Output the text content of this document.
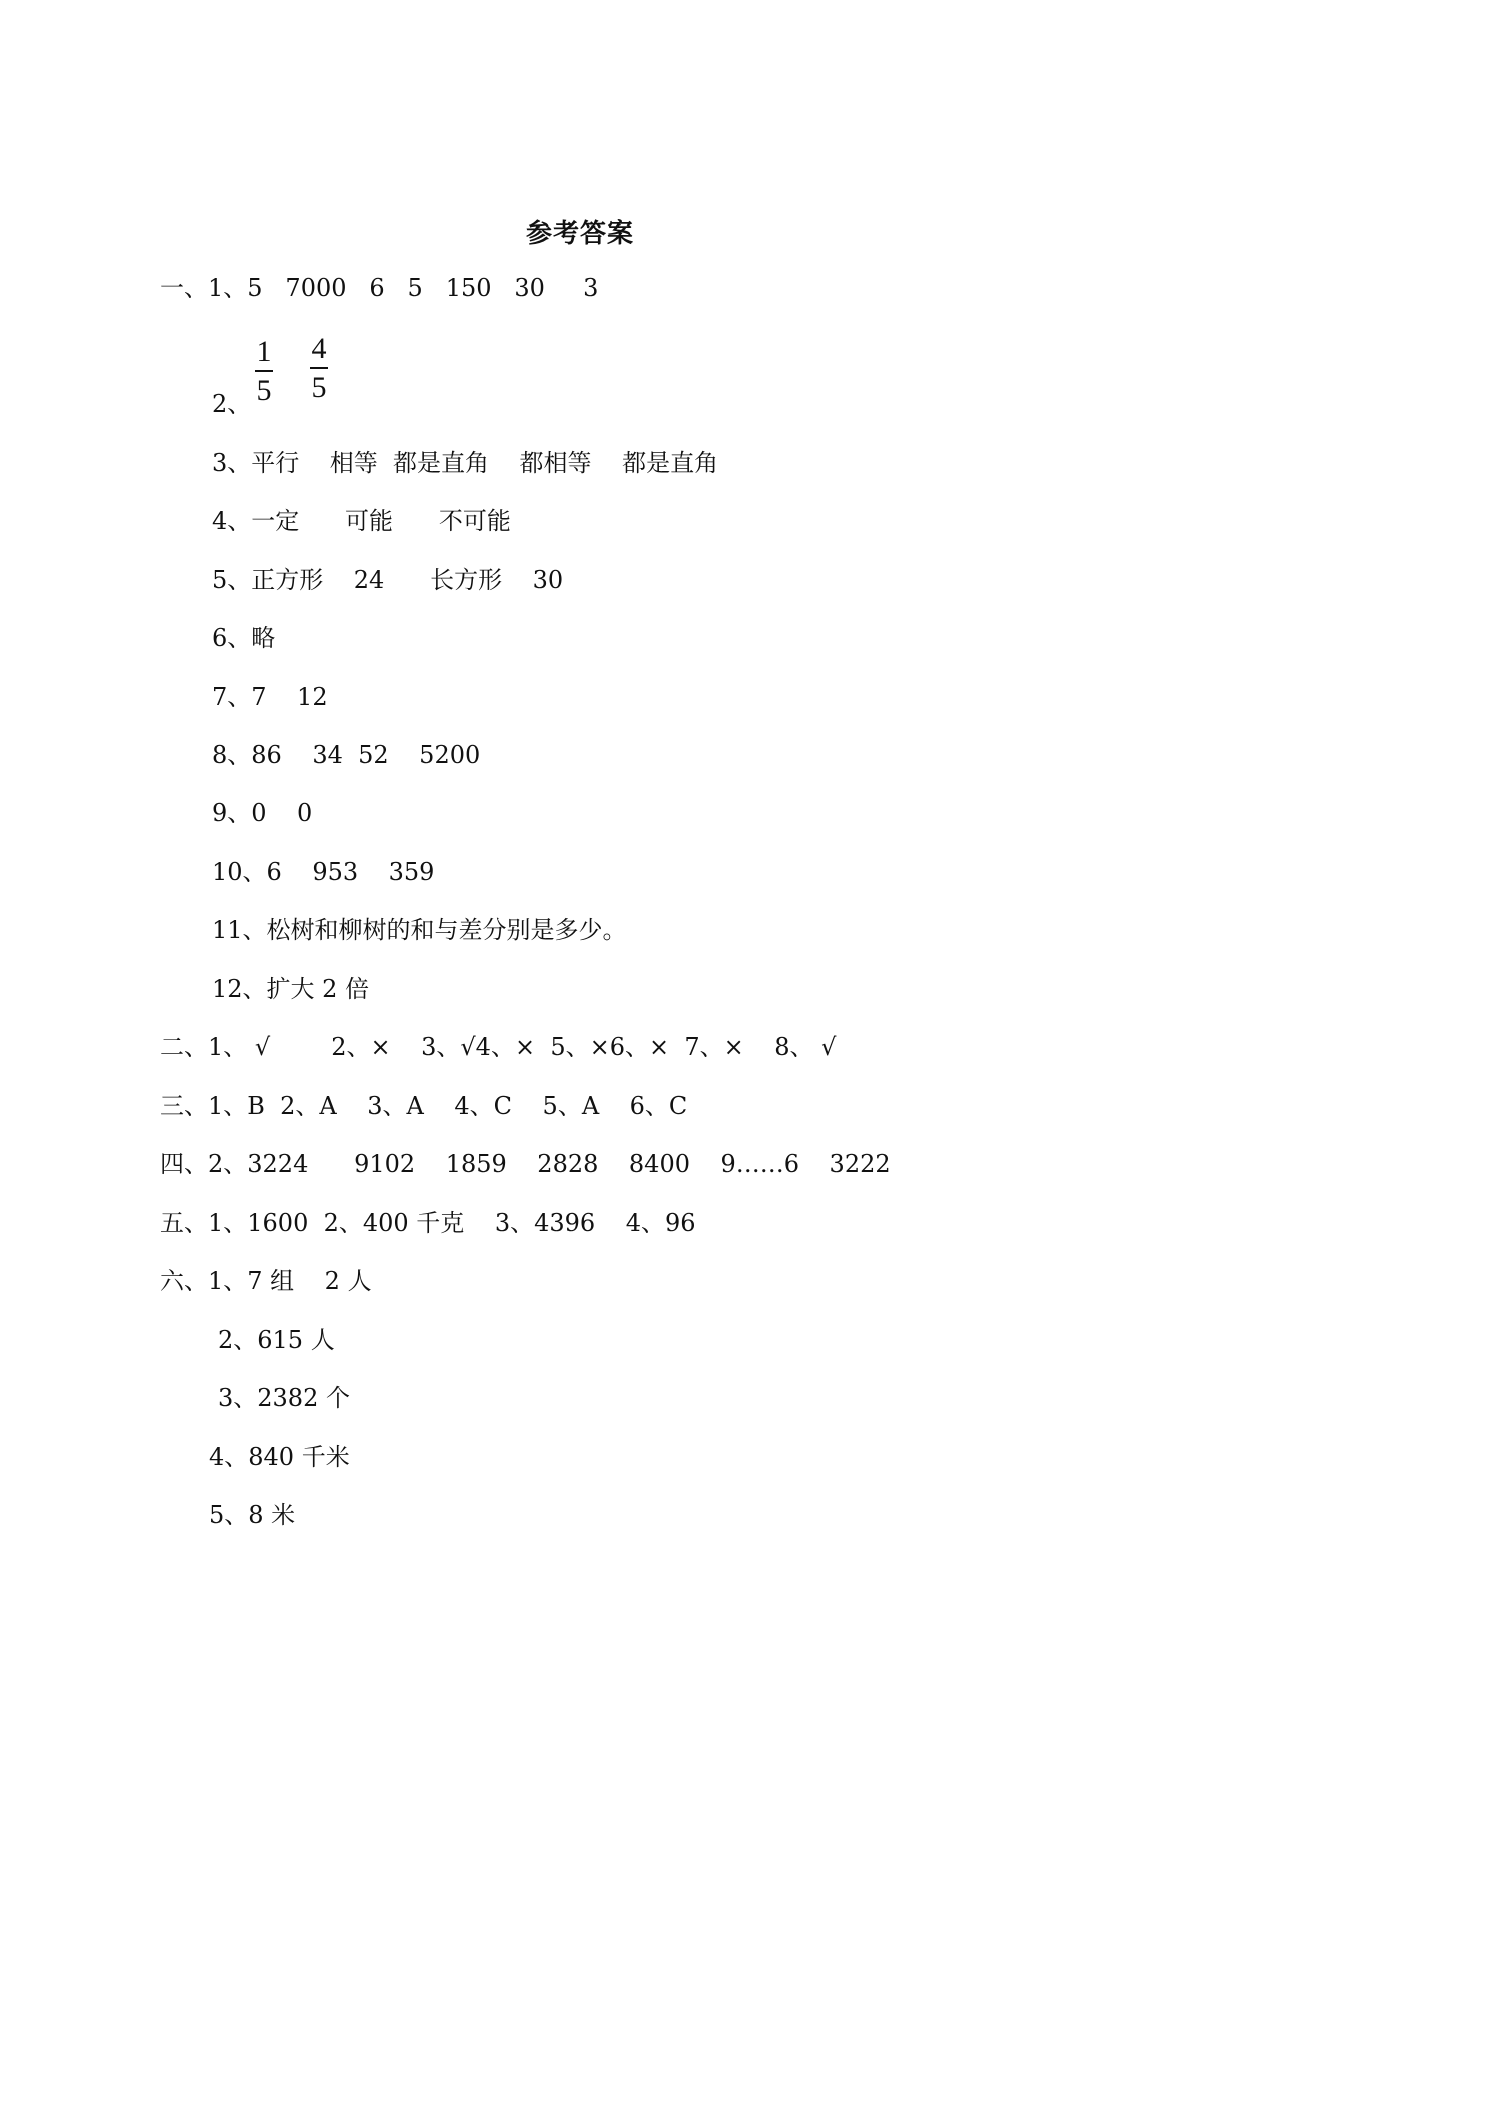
参考答案
一、1、5   7000   6   5   150   30     3
1
5
4
5
2、
3、平行    相等  都是直角    都相等    都是直角
4、一定      可能      不可能
5、正方形    24      长方形    30
6、略
7、7    12
8、86    34  52    5200
9、0    0
10、6    953    359
11、松树和柳树的和与差分别是多少。
12、扩大 2 倍
二、1、 √        2、×    3、√4、×  5、×6、×  7、×    8、 √
三、1、B  2、A    3、A    4、C    5、A    6、C
四、2、3224      9102    1859    2828    8400    9……6    3222
五、1、1600  2、400 千克    3、4396    4、96
六、1、7 组    2 人
2、615 人
3、2382 个
4、840 千米
5、8 米
